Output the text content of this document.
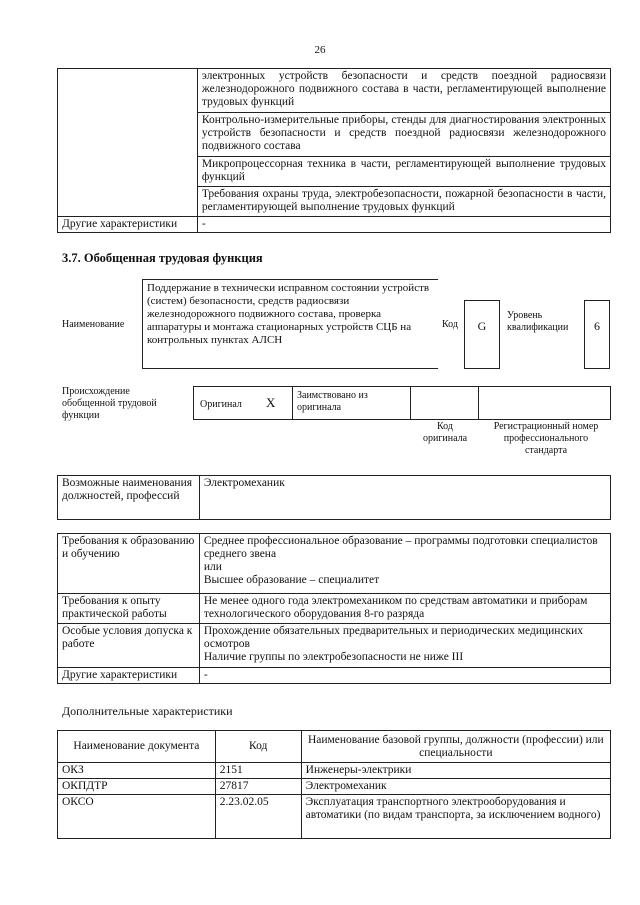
26
	электронных устройств безопасности и средств поездной радиосвязи железнодорожного подвижного состава в части, регламентирующей выполнение трудовых функций
	Контрольно-измерительные приборы, стенды для диагностирования электронных устройств безопасности и средств поездной радиосвязи железнодорожного подвижного состава
	Микропроцессорная техника в части, регламентирующей выполнение трудовых функций
	Требования охраны труда, электробезопасности, пожарной безопасности в части, регламентирующей выполнение трудовых функций
Другие характеристики	-
3.7. Обобщенная трудовая функция
Наименование
Поддержание в технически исправном состоянии устройств (систем) безопасности, средств радиосвязи железнодорожного подвижного состава, проверка аппаратуры и монтажа стационарных устройств СЦБ на контрольных пунктах АЛСН
Код	G
Уровень квалификации	6
Происхождение обобщенной трудовой функции
Оригинал X	Заимствовано из оригинала
Код оригинала
Регистрационный номер профессионального стандарта
Возможные наименования должностей, профессий	Электромеханик
Требования к образованию и обучению	Среднее профессиональное образование – программы подготовки специалистов среднего звена
или
Высшее образование – специалитет

Требования к опыту практической работы	Не менее одного года электромехаником по средствам автоматики и приборам технологического оборудования 8-го разряда
Особые условия допуска к работе	Прохождение обязательных предварительных и периодических медицинских осмотров
Наличие группы по электробезопасности не ниже III

Другие характеристики	-
Дополнительные характеристики
Наименование документа	Код	Наименование базовой группы, должности (профессии) или специальности
ОКЗ	2151	Инженеры-электрики
ОКПДТР	27817	Электромеханик
ОКСО	2.23.02.05	Эксплуатация транспортного электрооборудования и автоматики (по видам транспорта, за исключением водного)
